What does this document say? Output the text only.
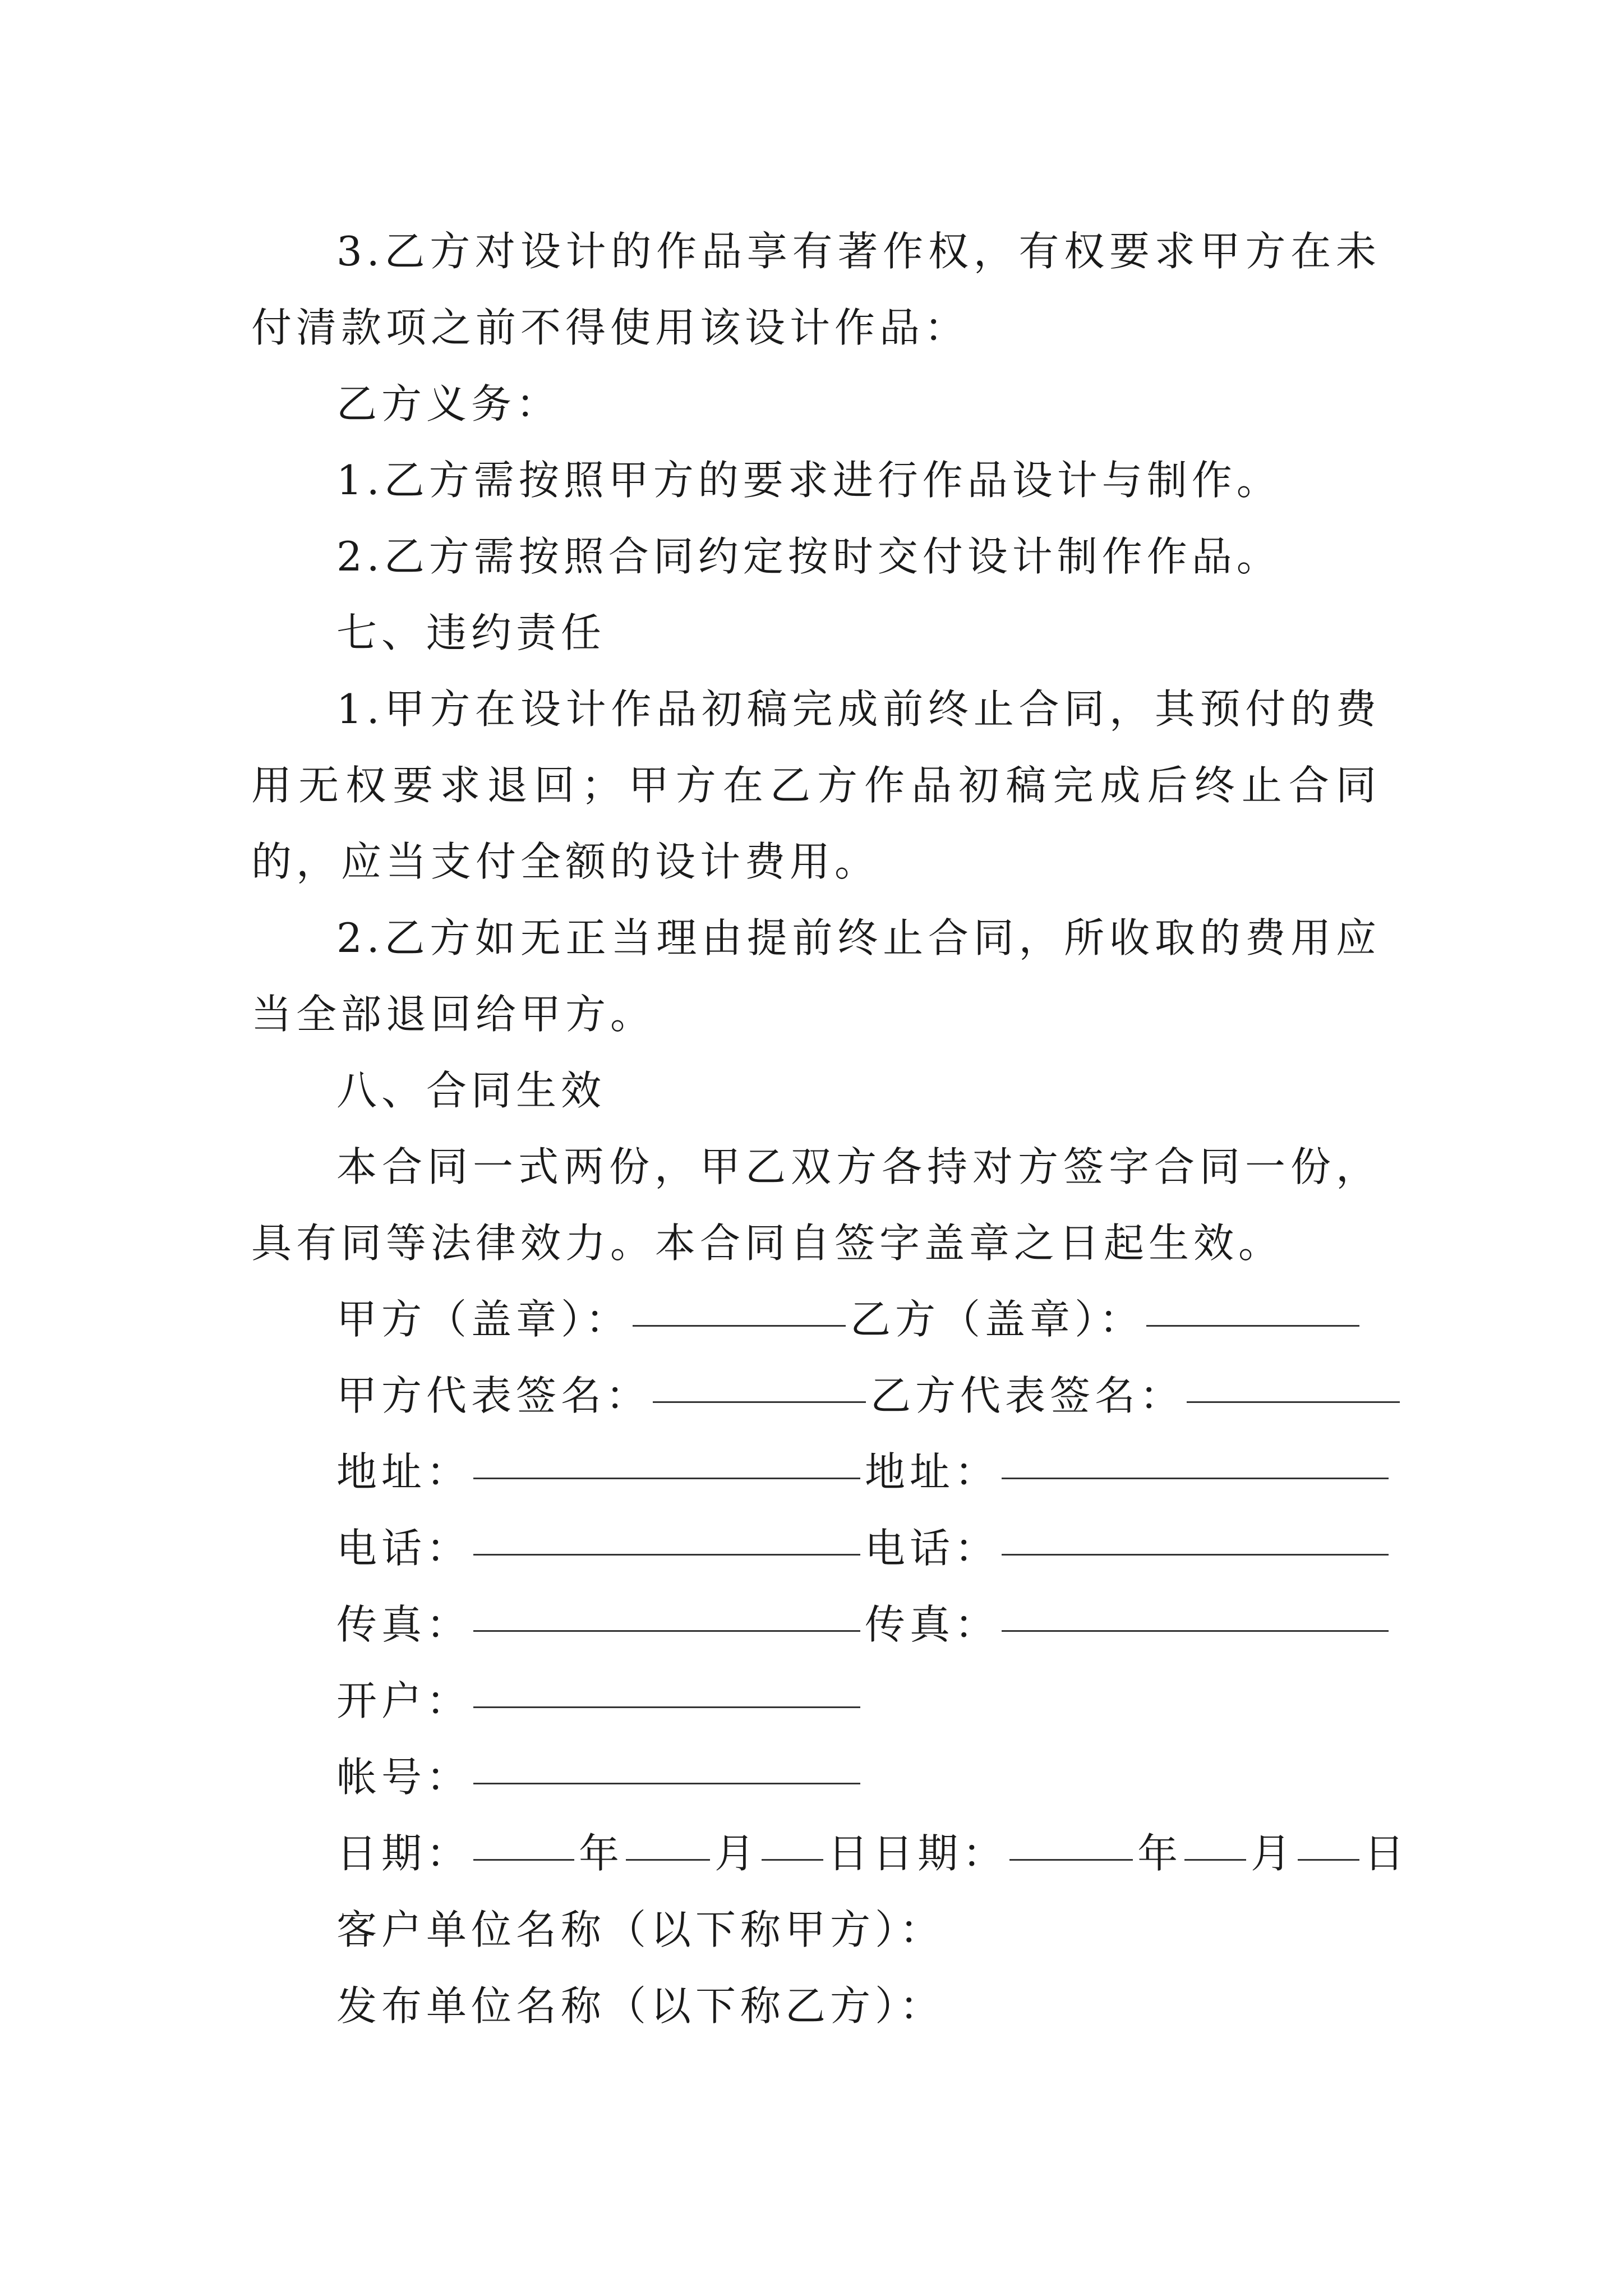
3.乙方对设计的作品享有著作权，有权要求甲方在未付清款项之前不得使用该设计作品：

乙方义务：

1.乙方需按照甲方的要求进行作品设计与制作。

2.乙方需按照合同约定按时交付设计制作作品。

七、违约责任

1.甲方在设计作品初稿完成前终止合同，其预付的费用无权要求退回；甲方在乙方作品初稿完成后终止合同的，应当支付全额的设计费用。

2.乙方如无正当理由提前终止合同，所收取的费用应当全部退回给甲方。

八、合同生效

本合同一式两份，甲乙双方各持对方签字合同一份，具有同等法律效力。本合同自签字盖章之日起生效。

甲方（盖章）：	乙方（盖章）：
甲方代表签名：	乙方代表签名：
地址：	地址：
电话：	电话：
传真：	传真：
开户：
帐号：
日期：	年 月 日日期：	年 月 日
客户单位名称（以下称甲方）：
发布单位名称（以下称乙方）：
